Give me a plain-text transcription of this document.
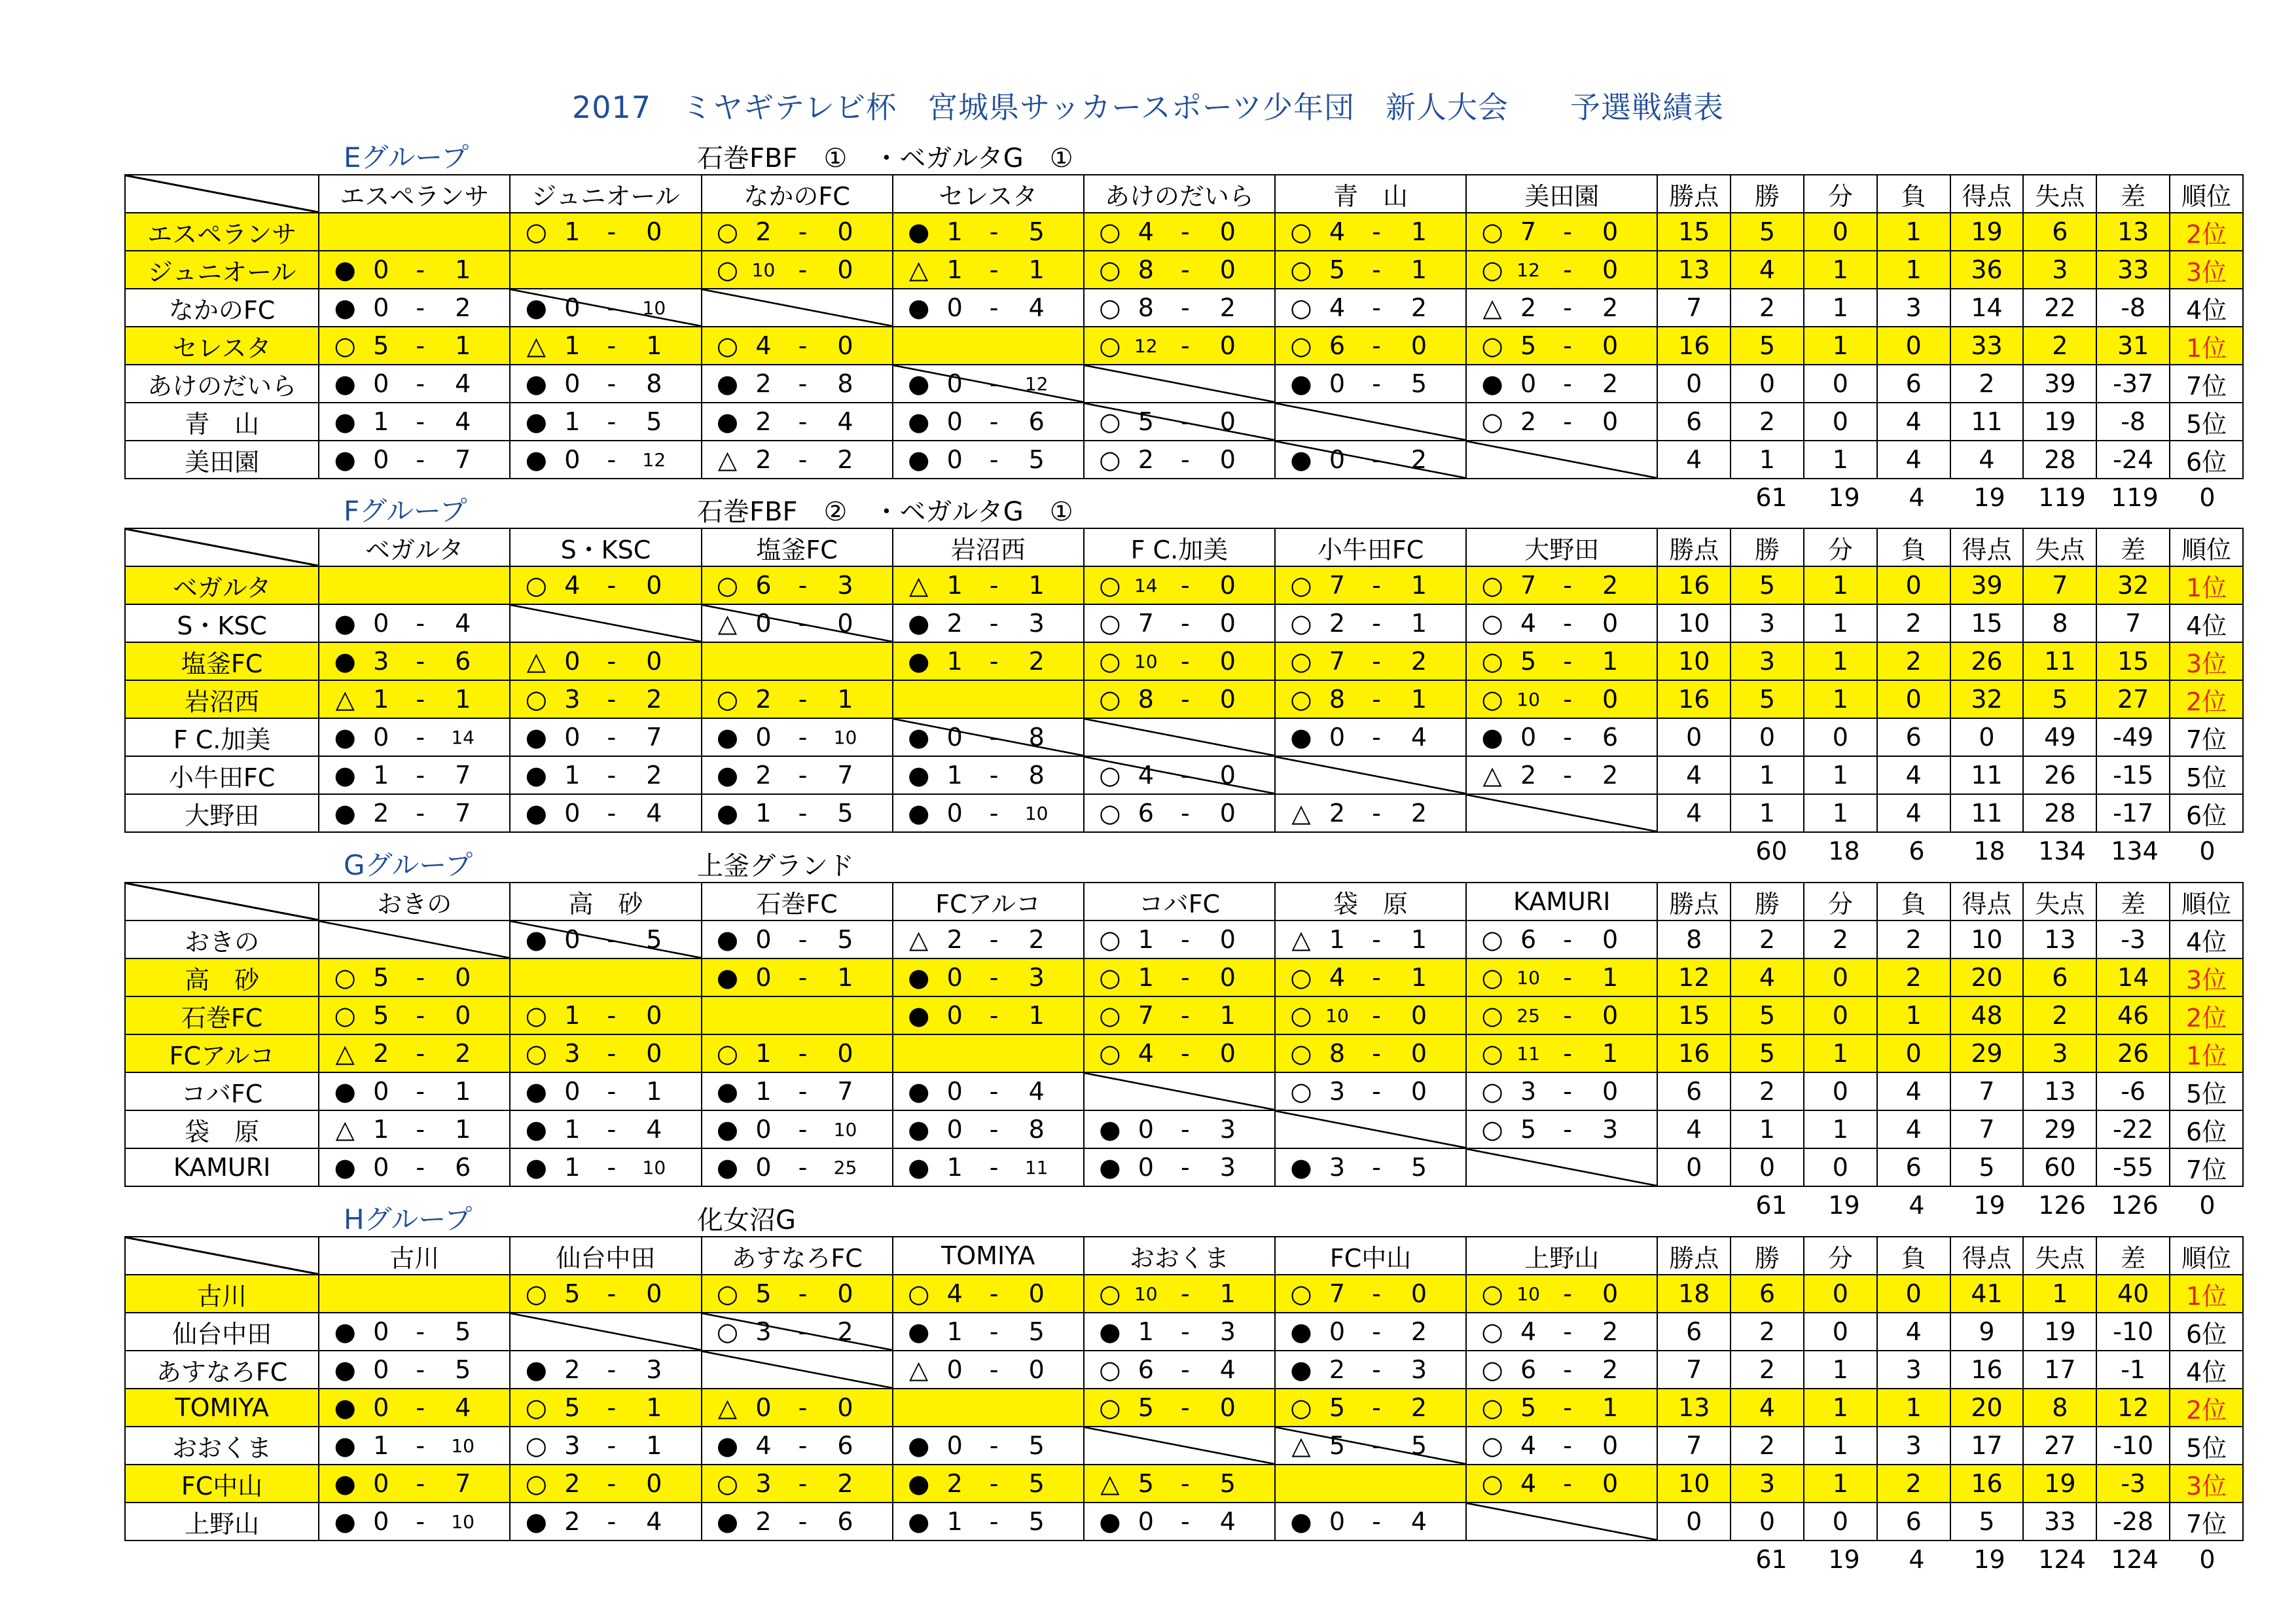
2017　ミヤギテレビ杯　宮城県サッカースポーツ少年団　新人大会　　予選戦績表
Eグループ	石巻FBF　①　・ベガルタG　①
	エスペランサ	ジュニオール	なかのFC	セレスタ	あけのだいら	青　山	美田園	勝点	勝	分	負	得点	失点	差	順位
エスペランサ		○ 1 - 0	○ 2 - 0	● 1 - 5	○ 4 - 0	○ 4 - 1	○ 7 - 0	15	5	0	1	19	6	13	2位
ジュニオール	● 0 - 1		○ 10 - 0	△ 1 - 1	○ 8 - 0	○ 5 - 1	○ 12 - 0	13	4	1	1	36	3	33	3位
なかのFC	● 0 - 2	● 0 - 10		● 0 - 4	○ 8 - 2	○ 4 - 2	△ 2 - 2	7	2	1	3	14	22	-8	4位
セレスタ	○ 5 - 1	△ 1 - 1	○ 4 - 0		○ 12 - 0	○ 6 - 0	○ 5 - 0	16	5	1	0	33	2	31	1位
あけのだいら	● 0 - 4	● 0 - 8	● 2 - 8	● 0 - 12		● 0 - 5	● 0 - 2	0	0	0	6	2	39	-37	7位
青　山	● 1 - 4	● 1 - 5	● 2 - 4	● 0 - 6	○ 5 - 0		○ 2 - 0	6	2	0	4	11	19	-8	5位
美田園	● 0 - 7	● 0 - 12	△ 2 - 2	● 0 - 5	○ 2 - 0	● 0 - 2		4	1	1	4	4	28	-24	6位
61	19	4	19	119	119	0
Fグループ	石巻FBF　②　・ベガルタG　①
	ベガルタ	S・KSC	塩釜FC	岩沼西	F C.加美	小牛田FC	大野田	勝点	勝	分	負	得点	失点	差	順位
ベガルタ		○ 4 - 0	○ 6 - 3	△ 1 - 1	○ 14 - 0	○ 7 - 1	○ 7 - 2	16	5	1	0	39	7	32	1位
S・KSC	● 0 - 4		△ 0 - 0	● 2 - 3	○ 7 - 0	○ 2 - 1	○ 4 - 0	10	3	1	2	15	8	7	4位
塩釜FC	● 3 - 6	△ 0 - 0		● 1 - 2	○ 10 - 0	○ 7 - 2	○ 5 - 1	10	3	1	2	26	11	15	3位
岩沼西	△ 1 - 1	○ 3 - 2	○ 2 - 1		○ 8 - 0	○ 8 - 1	○ 10 - 0	16	5	1	0	32	5	27	2位
F C.加美	● 0 - 14	● 0 - 7	● 0 - 10	● 0 - 8		● 0 - 4	● 0 - 6	0	0	0	6	0	49	-49	7位
小牛田FC	● 1 - 7	● 1 - 2	● 2 - 7	● 1 - 8	○ 4 - 0		△ 2 - 2	4	1	1	4	11	26	-15	5位
大野田	● 2 - 7	● 0 - 4	● 1 - 5	● 0 - 10	○ 6 - 0	△ 2 - 2		4	1	1	4	11	28	-17	6位
60	18	6	18	134	134	0
Gグループ	上釜グランド
	おきの	高　砂	石巻FC	FCアルコ	コバFC	袋　原	KAMURI	勝点	勝	分	負	得点	失点	差	順位
おきの		● 0 - 5	● 0 - 5	△ 2 - 2	○ 1 - 0	△ 1 - 1	○ 6 - 0	8	2	2	2	10	13	-3	4位
高　砂	○ 5 - 0		● 0 - 1	● 0 - 3	○ 1 - 0	○ 4 - 1	○ 10 - 1	12	4	0	2	20	6	14	3位
石巻FC	○ 5 - 0	○ 1 - 0		● 0 - 1	○ 7 - 1	○ 10 - 0	○ 25 - 0	15	5	0	1	48	2	46	2位
FCアルコ	△ 2 - 2	○ 3 - 0	○ 1 - 0		○ 4 - 0	○ 8 - 0	○ 11 - 1	16	5	1	0	29	3	26	1位
コバFC	● 0 - 1	● 0 - 1	● 1 - 7	● 0 - 4		○ 3 - 0	○ 3 - 0	6	2	0	4	7	13	-6	5位
袋　原	△ 1 - 1	● 1 - 4	● 0 - 10	● 0 - 8	● 0 - 3		○ 5 - 3	4	1	1	4	7	29	-22	6位
KAMURI	● 0 - 6	● 1 - 10	● 0 - 25	● 1 - 11	● 0 - 3	● 3 - 5		0	0	0	6	5	60	-55	7位
61	19	4	19	126	126	0
Hグループ	化女沼G
	古川	仙台中田	あすなろFC	TOMIYA	おおくま	FC中山	上野山	勝点	勝	分	負	得点	失点	差	順位
古川		○ 5 - 0	○ 5 - 0	○ 4 - 0	○ 10 - 1	○ 7 - 0	○ 10 - 0	18	6	0	0	41	1	40	1位
仙台中田	● 0 - 5		○ 3 - 2	● 1 - 5	● 1 - 3	● 0 - 2	○ 4 - 2	6	2	0	4	9	19	-10	6位
あすなろFC	● 0 - 5	● 2 - 3		△ 0 - 0	○ 6 - 4	● 2 - 3	○ 6 - 2	7	2	1	3	16	17	-1	4位
TOMIYA	● 0 - 4	○ 5 - 1	△ 0 - 0		○ 5 - 0	○ 5 - 2	○ 5 - 1	13	4	1	1	20	8	12	2位
おおくま	● 1 - 10	○ 3 - 1	● 4 - 6	● 0 - 5		△ 5 - 5	○ 4 - 0	7	2	1	3	17	27	-10	5位
FC中山	● 0 - 7	○ 2 - 0	○ 3 - 2	● 2 - 5	△ 5 - 5		○ 4 - 0	10	3	1	2	16	19	-3	3位
上野山	● 0 - 10	● 2 - 4	● 2 - 6	● 1 - 5	● 0 - 4	● 0 - 4		0	0	0	6	5	33	-28	7位
61	19	4	19	124	124	0
